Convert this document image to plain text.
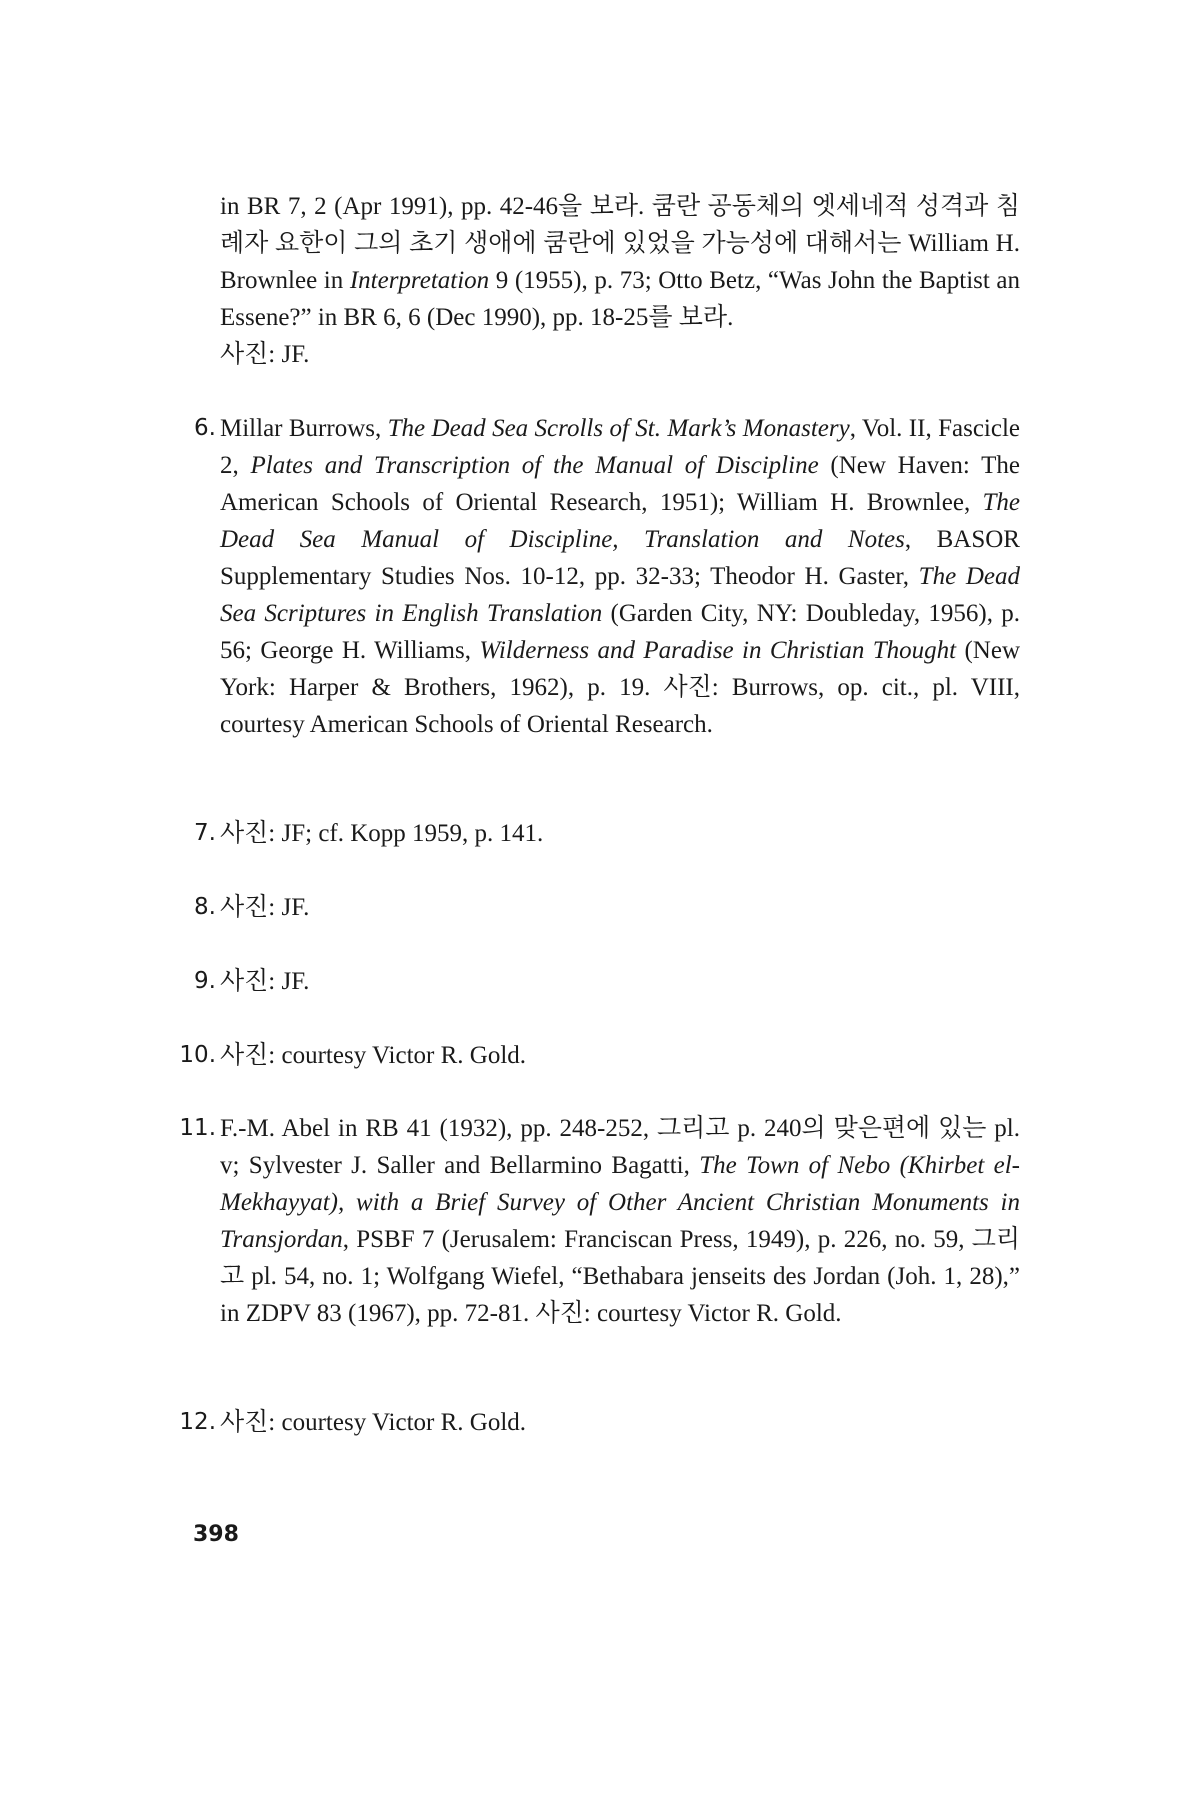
in BR 7, 2 (Apr 1991), pp. 42-46을 보라. 쿰란 공동체의 엣세네적 성격과 침례자 요한이 그의 초기 생애에 쿰란에 있었을 가능성에 대해서는 William H. Brownlee in Interpretation 9 (1955), p. 73; Otto Betz, “Was John the Baptist an Essene?” in BR 6, 6 (Dec 1990), pp. 18-25를 보라.

사진: JF.

6. Millar Burrows, The Dead Sea Scrolls of St. Mark’s Monastery, Vol. II, Fascicle 2, Plates and Transcription of the Manual of Discipline (New Haven: The American Schools of Oriental Research, 1951); William H. Brownlee, The Dead Sea Manual of Discipline, Translation and Notes, BASOR Supplementary Studies Nos. 10-12, pp. 32-33; Theodor H. Gaster, The Dead Sea Scriptures in English Translation (Garden City, NY: Doubleday, 1956), p. 56; George H. Williams, Wilderness and Paradise in Christian Thought (New York: Harper & Brothers, 1962), p. 19. 사진: Burrows, op. cit., pl. VIII, courtesy American Schools of Oriental Research.

7. 사진: JF; cf. Kopp 1959, p. 141.

8. 사진: JF.

9. 사진: JF.

10. 사진: courtesy Victor R. Gold.

11. F.-M. Abel in RB 41 (1932), pp. 248-252, 그리고 p. 240의 맞은편에 있는 pl. v; Sylvester J. Saller and Bellarmino Bagatti, The Town of Nebo (Khirbet el-Mekhayyat), with a Brief Survey of Other Ancient Christian Monuments in Transjordan, PSBF 7 (Jerusalem: Franciscan Press, 1949), p. 226, no. 59, 그리고 pl. 54, no. 1; Wolfgang Wiefel, “Bethabara jenseits des Jordan (Joh. 1, 28),” in ZDPV 83 (1967), pp. 72-81. 사진: courtesy Victor R. Gold.

12. 사진: courtesy Victor R. Gold.

398
